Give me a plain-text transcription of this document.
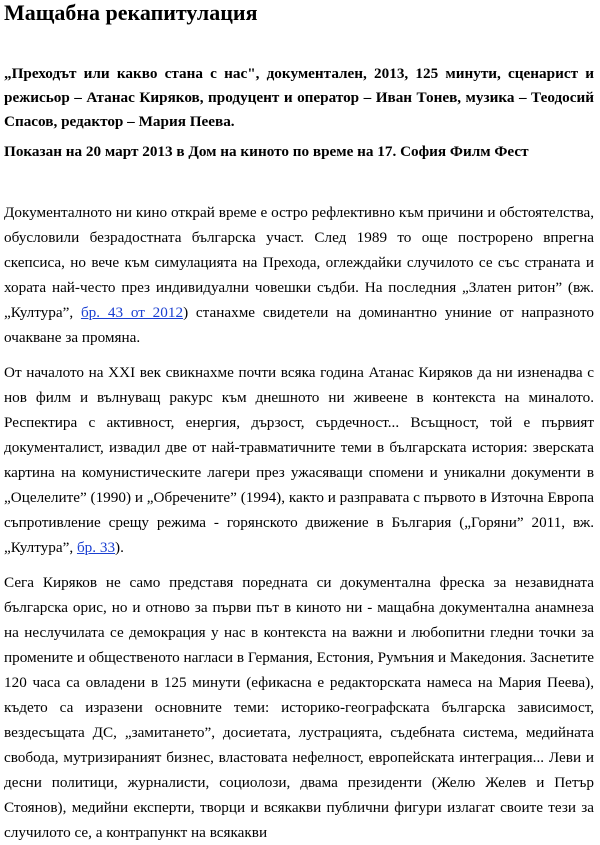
Мащабна рекапитулация

„Преходът или какво стана с нас", документален, 2013, 125 минути, сценарист и режисьор – Атанас Киряков, продуцент и оператор – Иван Тонев, музика – Теодосий Спасов, редактор – Мария Пеева.

Показан на 20 март 2013 в Дом на киното по време на 17. София Филм Фест

Документалното ни кино открай време е остро рефлективно към причини и обстоятелства, обусловили безрадостната българска участ. След 1989 то още построрено впрегна скепсиса, но вече към симулацията на Прехода, оглеждайки случилото се със страната и хората най-често през индивидуални човешки съдби. На последния „Златен ритон” (вж. „Култура”, бр. 43 от 2012) станахме свидетели на доминантно униние от напразното очакване за промяна.

От началото на XXI век свикнахме почти всяка година Атанас Киряков да ни изненадва с нов филм и вълнуващ ракурс към днешното ни живеене в контекста на миналото. Респектира с активност, енергия, дързост, сърдечност... Всъщност, той е първият документалист, извадил две от най-травматичните теми в българската история: зверската картина на комунистическите лагери през ужасяващи спомени и уникални документи в „Оцелелите” (1990) и „Обречените” (1994), както и разправата с първото в Източна Европа съпротивление срещу режима - горянското движение в България („Горяни” 2011, вж. „Култура”, бр. 33).

Сега Киряков не само представя поредната си документална фреска за незавидната българска орис, но и отново за първи път в киното ни - мащабна документална анамнеза на неслучилата се демокрация у нас в контекста на важни и любопитни гледни точки за промените и общественото нагласи в Германия, Естония, Румъния и Македония. Заснетите 120 часа са овладени в 125 минути (ефикасна е редакторската намеса на Мария Пеева), където са изразени основните теми: историко-географската българска зависимост, вездесъщата ДС, „замитането”, досиетата, лустрацията, съдебната система, медийната свобода, мутризираният бизнес, властовата нефелност, европейската интеграция... Леви и десни политици, журналисти, социолози, двама президенти (Желю Желев и Петър Стоянов), медийни експерти, творци и всякакви публични фигури излагат своите тези за случилото се, а контрапункт на всякакви
